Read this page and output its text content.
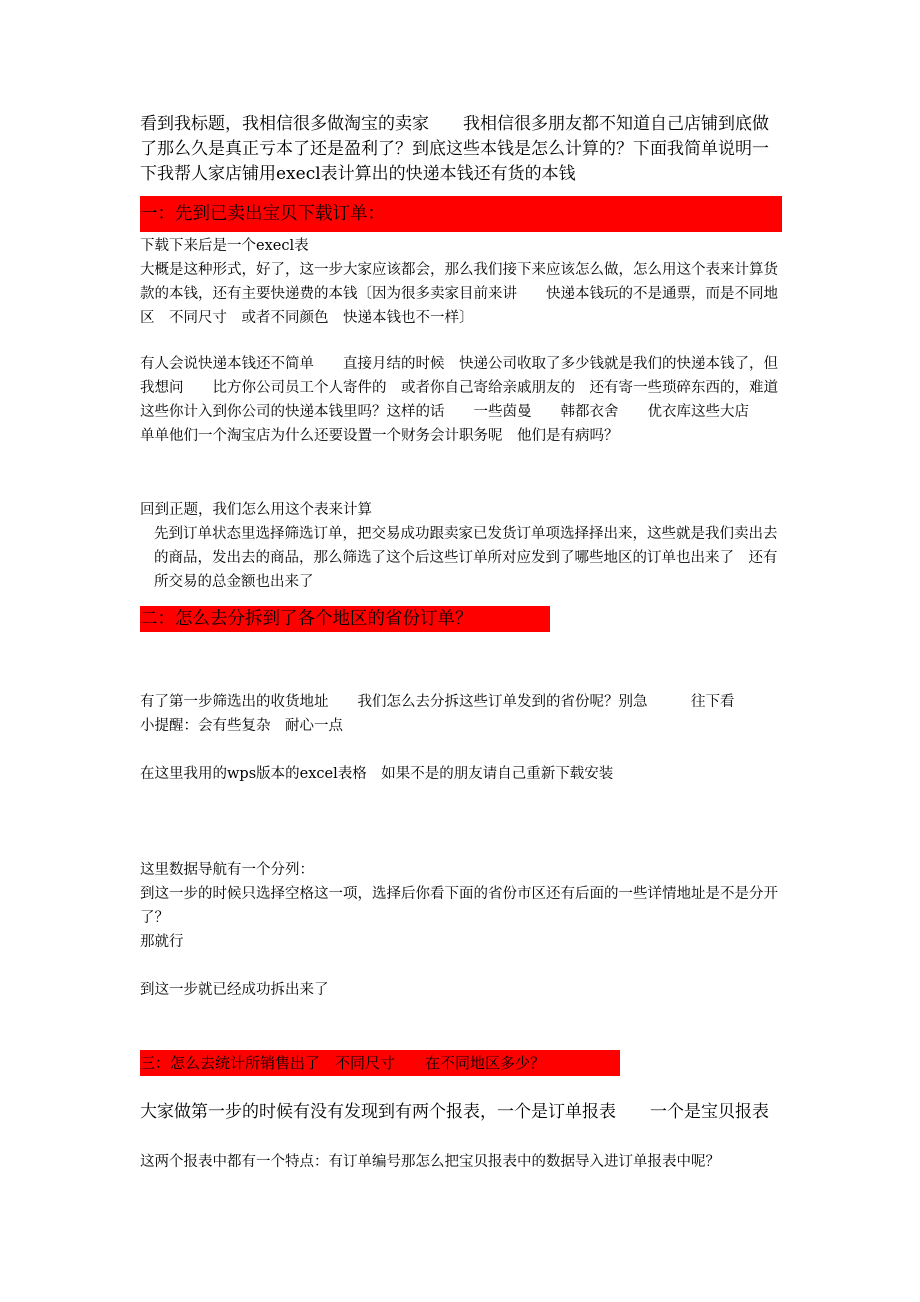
看到我标题，我相信很多做淘宝的卖家　　我相信很多朋友都不知道自己店铺到底做了那么久是真正亏本了还是盈利了？到底这些本钱是怎么计算的？下面我简单说明一下我帮人家店铺用execl表计算出的快递本钱还有货的本钱

一：先到已卖出宝贝下载订单：

下载下来后是一个execl表

大概是这种形式，好了，这一步大家应该都会，那么我们接下来应该怎么做，怎么用这个表来计算货款的本钱，还有主要快递费的本钱〔因为很多卖家目前来讲　　快递本钱玩的不是通票，而是不同地区　不同尺寸　或者不同颜色　快递本钱也不一样〕

有人会说快递本钱还不简单　　直接月结的时候　快递公司收取了多少钱就是我们的快递本钱了，但我想问　　比方你公司员工个人寄件的　或者你自己寄给亲戚朋友的　还有寄一些琐碎东西的，难道这些你计入到你公司的快递本钱里吗？这样的话　　一些茵曼　　韩都衣舍　　优衣库这些大店　　单单他们一个淘宝店为什么还要设置一个财务会计职务呢　他们是有病吗？

回到正题，我们怎么用这个表来计算

先到订单状态里选择筛选订单，把交易成功跟卖家已发货订单项选择择出来，这些就是我们卖出去的商品，发出去的商品，那么筛选了这个后这些订单所对应发到了哪些地区的订单也出来了　还有所交易的总金额也出来了

二：怎么去分拆到了各个地区的省份订单？

有了第一步筛选出的收货地址　　我们怎么去分拆这些订单发到的省份呢？别急　　　往下看

小提醒：会有些复杂　耐心一点

在这里我用的wps版本的excel表格　如果不是的朋友请自己重新下载安装

这里数据导航有一个分列：

到这一步的时候只选择空格这一项，选择后你看下面的省份市区还有后面的一些详情地址是不是分开了？

那就行

到这一步就已经成功拆出来了

三：怎么去统计所销售出了　不同尺寸　　在不同地区多少？

大家做第一步的时候有没有发现到有两个报表，一个是订单报表　　一个是宝贝报表

这两个报表中都有一个特点：有订单编号那怎么把宝贝报表中的数据导入进订单报表中呢？
